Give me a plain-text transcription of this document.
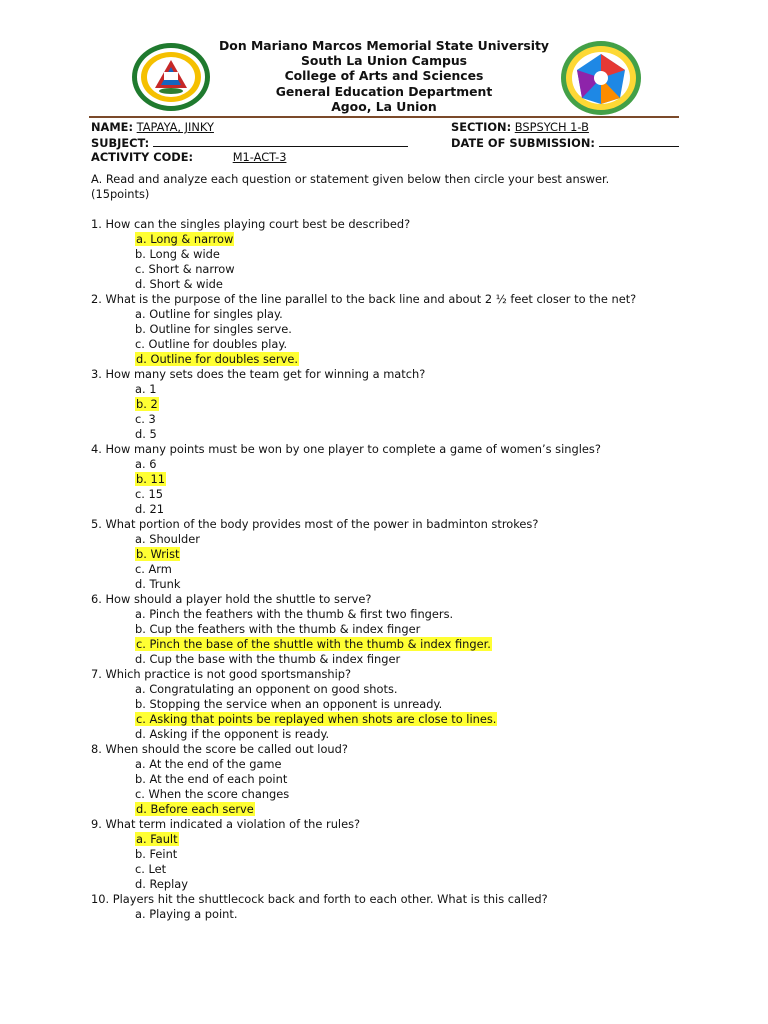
Don Mariano Marcos Memorial State University
South La Union Campus
College of Arts and Sciences
General Education Department
Agoo, La Union
NAME: TAPAYA, JINKY	SECTION: BSPSYCH 1-B
SUBJECT:	DATE OF SUBMISSION:
ACTIVITY CODE:	M1-ACT-3

A. Read and analyze each question or statement given below then circle your best answer. (15points)

1. How can the singles playing court best be described?

a. Long & narrow
b. Long & wide
c. Short & narrow
d. Short & wide

2. What is the purpose of the line parallel to the back line and about 2 ½ feet closer to the net?

a. Outline for singles play.
b. Outline for singles serve.
c. Outline for doubles play.
d. Outline for doubles serve.

3. How many sets does the team get for winning a match?

a. 1
b. 2
c. 3
d. 5

4. How many points must be won by one player to complete a game of women’s singles?

a. 6
b. 11
c. 15
d. 21

5. What portion of the body provides most of the power in badminton strokes?

a. Shoulder
b. Wrist
c. Arm
d. Trunk

6. How should a player hold the shuttle to serve?

a. Pinch the feathers with the thumb & first two fingers.
b. Cup the feathers with the thumb & index finger
c. Pinch the base of the shuttle with the thumb & index finger.
d. Cup the base with the thumb & index finger

7. Which practice is not good sportsmanship?

a. Congratulating an opponent on good shots.
b. Stopping the service when an opponent is unready.
c. Asking that points be replayed when shots are close to lines.
d. Asking if the opponent is ready.

8. When should the score be called out loud?

a. At the end of the game
b. At the end of each point
c. When the score changes
d. Before each serve

9. What term indicated a violation of the rules?

a. Fault
b. Feint
c. Let
d. Replay

10. Players hit the shuttlecock back and forth to each other. What is this called?

a. Playing a point.
